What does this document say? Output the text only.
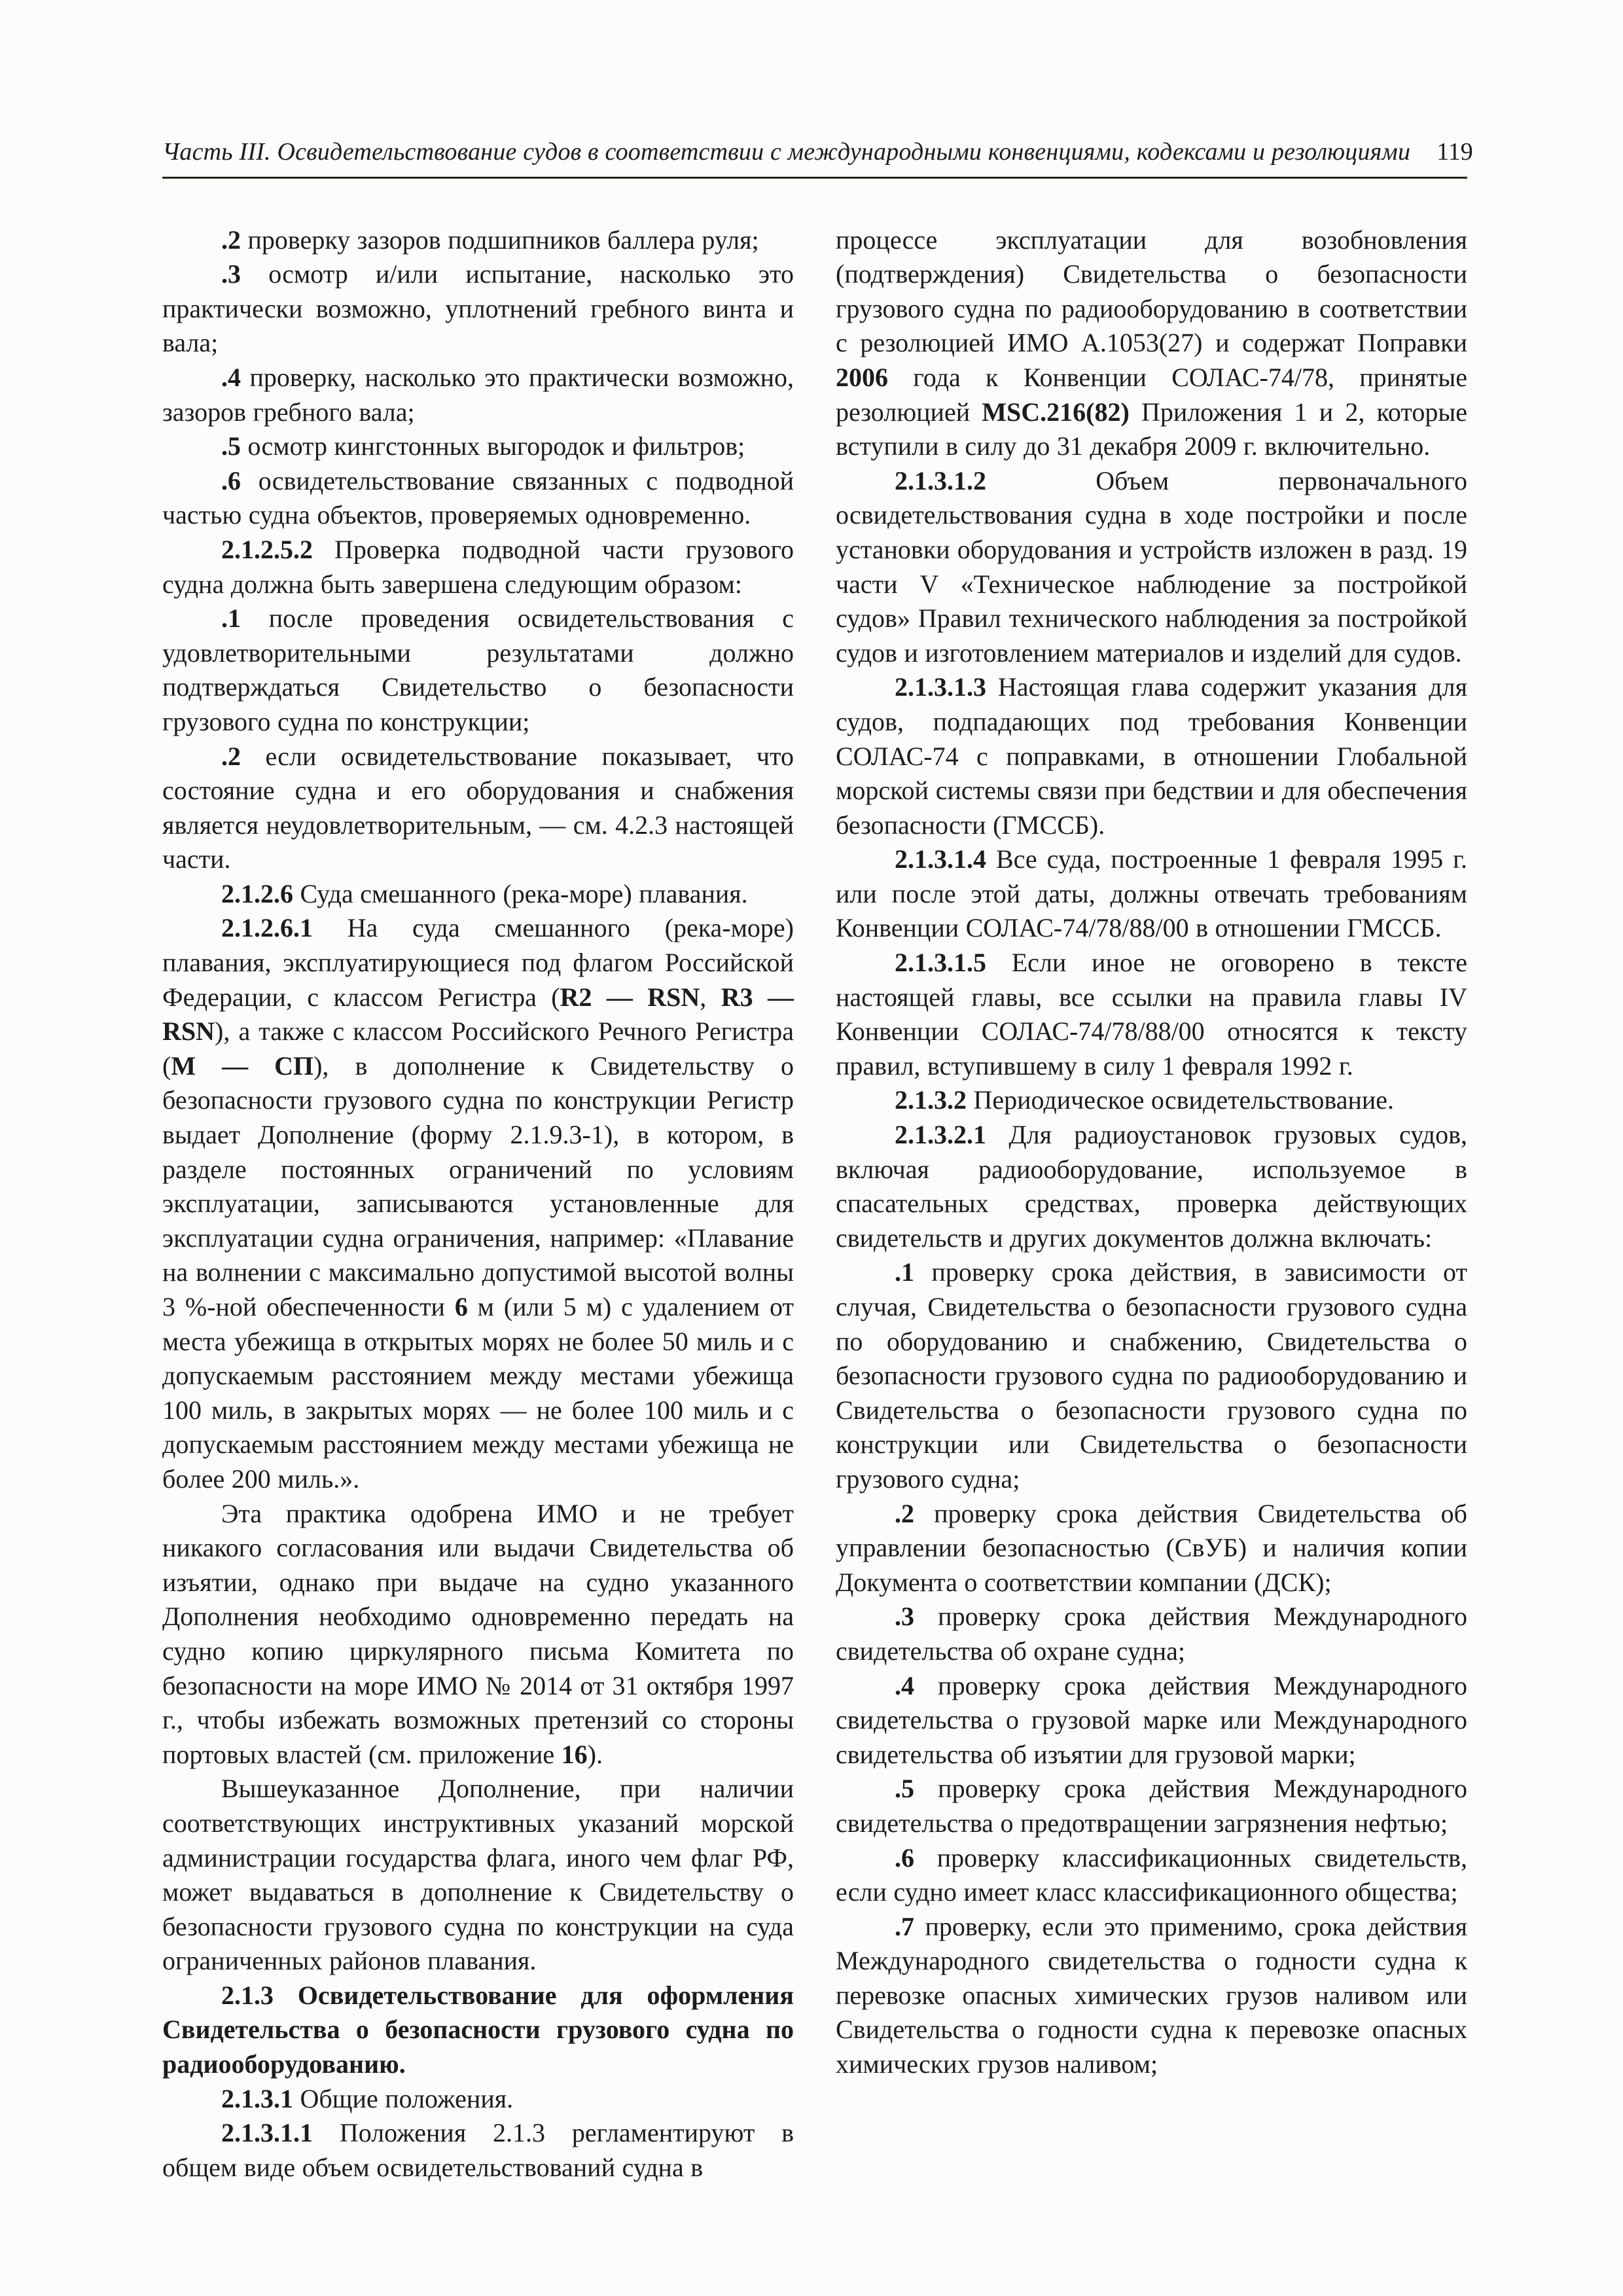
Часть III. Освидетельствование судов в соответствии с международными конвенциями, кодексами и резолюциями 119

.2 проверку зазоров подшипников баллера руля;

.3 осмотр и/или испытание, насколько это практически возможно, уплотнений гребного винта и вала;

.4 проверку, насколько это практически возможно, зазоров гребного вала;

.5 осмотр кингстонных выгородок и фильтров;

.6 освидетельствование связанных с подводной частью судна объектов, проверяемых одновременно.

2.1.2.5.2 Проверка подводной части грузового судна должна быть завершена следующим образом:

.1 после проведения освидетельствования с удовлетворительными результатами должно подтверждаться Свидетельство о безопасности грузового судна по конструкции;

.2 если освидетельствование показывает, что состояние судна и его оборудования и снабжения является неудовлетворительным, — см. 4.2.3 настоящей части.

2.1.2.6 Суда смешанного (река-море) плавания.

2.1.2.6.1 На суда смешанного (река-море) плавания, эксплуатирующиеся под флагом Российской Федерации, с классом Регистра (R2 — RSN, R3 — RSN), а также с классом Российского Речного Регистра (М — СП), в дополнение к Свидетельству о безопасности грузового судна по конструкции Регистр выдает Дополнение (форму 2.1.9.3-1), в котором, в разделе постоянных ограничений по условиям эксплуатации, записываются установленные для эксплуатации судна ограничения, например: «Плавание на волнении с максимально допустимой высотой волны 3 %-ной обеспеченности 6 м (или 5 м) с удалением от места убежища в открытых морях не более 50 миль и с допускаемым расстоянием между местами убежища 100 миль, в закрытых морях — не более 100 миль и с допускаемым расстоянием между местами убежища не более 200 миль.».

Эта практика одобрена ИМО и не требует никакого согласования или выдачи Свидетельства об изъятии, однако при выдаче на судно указанного Дополнения необходимо одновременно передать на судно копию циркулярного письма Комитета по безопасности на море ИМО № 2014 от 31 октября 1997 г., чтобы избежать возможных претензий со стороны портовых властей (см. приложение 16).

Вышеуказанное Дополнение, при наличии соответствующих инструктивных указаний морской администрации государства флага, иного чем флаг РФ, может выдаваться в дополнение к Свидетельству о безопасности грузового судна по конструкции на суда ограниченных районов плавания.

2.1.3 Освидетельствование для оформления Свидетельства о безопасности грузового судна по радиооборудованию.

2.1.3.1 Общие положения.

2.1.3.1.1 Положения 2.1.3 регламентируют в общем виде объем освидетельствований судна в

процессе эксплуатации для возобновления (подтверждения) Свидетельства о безопасности грузового судна по радиооборудованию в соответствии с резолюцией ИМО А.1053(27) и содержат Поправки 2006 года к Конвенции СОЛАС-74/78, принятые резолюцией MSC.216(82) Приложения 1 и 2, которые вступили в силу до 31 декабря 2009 г. включительно.

2.1.3.1.2 Объем первоначального освидетельствования судна в ходе постройки и после установки оборудования и устройств изложен в разд. 19 части V «Техническое наблюдение за постройкой судов» Правил технического наблюдения за постройкой судов и изготовлением материалов и изделий для судов.

2.1.3.1.3 Настоящая глава содержит указания для судов, подпадающих под требования Конвенции СОЛАС-74 с поправками, в отношении Глобальной морской системы связи при бедствии и для обеспечения безопасности (ГМССБ).

2.1.3.1.4 Все суда, построенные 1 февраля 1995 г. или после этой даты, должны отвечать требованиям Конвенции СОЛАС-74/78/88/00 в отношении ГМССБ.

2.1.3.1.5 Если иное не оговорено в тексте настоящей главы, все ссылки на правила главы IV Конвенции СОЛАС-74/78/88/00 относятся к тексту правил, вступившему в силу 1 февраля 1992 г.

2.1.3.2 Периодическое освидетельствование.

2.1.3.2.1 Для радиоустановок грузовых судов, включая радиооборудование, используемое в спасательных средствах, проверка действующих свидетельств и других документов должна включать:

.1 проверку срока действия, в зависимости от случая, Свидетельства о безопасности грузового судна по оборудованию и снабжению, Свидетельства о безопасности грузового судна по радиооборудованию и Свидетельства о безопасности грузового судна по конструкции или Свидетельства о безопасности грузового судна;

.2 проверку срока действия Свидетельства об управлении безопасностью (СвУБ) и наличия копии Документа о соответствии компании (ДСК);

.3 проверку срока действия Международного свидетельства об охране судна;

.4 проверку срока действия Международного свидетельства о грузовой марке или Международного свидетельства об изъятии для грузовой марки;

.5 проверку срока действия Международного свидетельства о предотвращении загрязнения нефтью;

.6 проверку классификационных свидетельств, если судно имеет класс классификационного общества;

.7 проверку, если это применимо, срока действия Международного свидетельства о годности судна к перевозке опасных химических грузов наливом или Свидетельства о годности судна к перевозке опасных химических грузов наливом;
